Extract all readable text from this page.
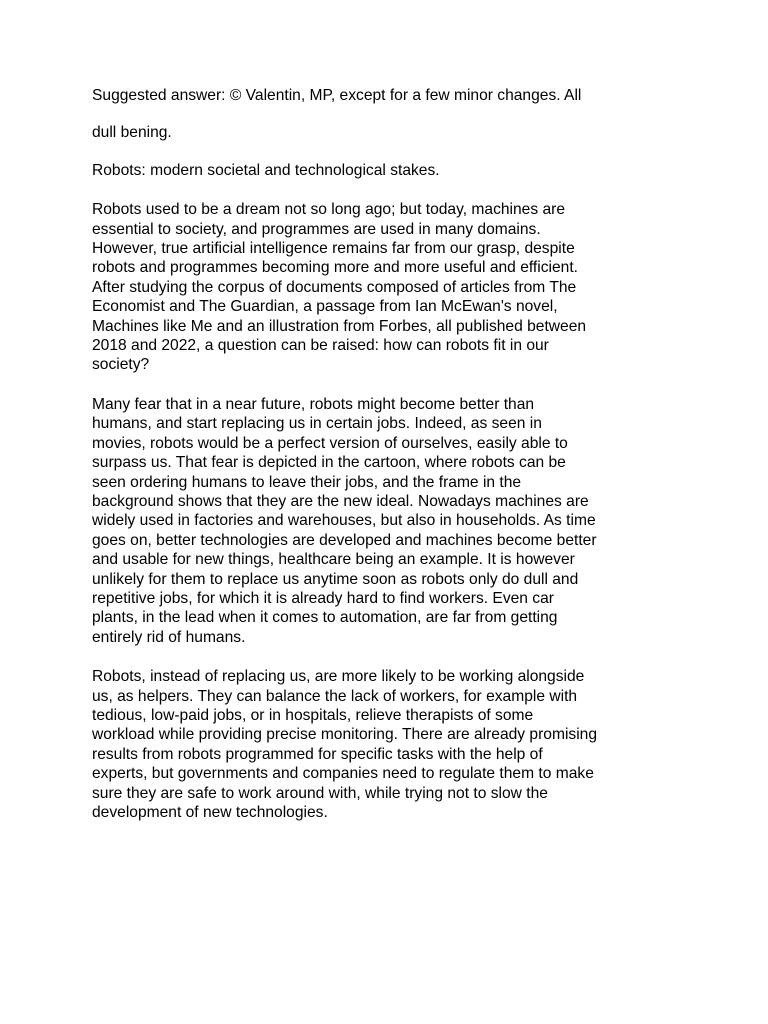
Suggested answer: © Valentin, MP, except for a few minor changes. All

dull bening.

Robots: modern societal and technological stakes.

Robots used to be a dream not so long ago; but today, machines are
essential to society, and programmes are used in many domains.
However, true artificial intelligence remains far from our grasp, despite
robots and programmes becoming more and more useful and efficient.
After studying the corpus of documents composed of articles from The
Economist and The Guardian, a passage from Ian McEwan's novel,
Machines like Me and an illustration from Forbes, all published between
2018 and 2022, a question can be raised: how can robots fit in our
society?

Many fear that in a near future, robots might become better than
humans, and start replacing us in certain jobs. Indeed, as seen in
movies, robots would be a perfect version of ourselves, easily able to
surpass us. That fear is depicted in the cartoon, where robots can be
seen ordering humans to leave their jobs, and the frame in the
background shows that they are the new ideal. Nowadays machines are
widely used in factories and warehouses, but also in households. As time
goes on, better technologies are developed and machines become better
and usable for new things, healthcare being an example. It is however
unlikely for them to replace us anytime soon as robots only do dull and
repetitive jobs, for which it is already hard to find workers. Even car
plants, in the lead when it comes to automation, are far from getting
entirely rid of humans.

Robots, instead of replacing us, are more likely to be working alongside
us, as helpers. They can balance the lack of workers, for example with
tedious, low-paid jobs, or in hospitals, relieve therapists of some
workload while providing precise monitoring. There are already promising
results from robots programmed for specific tasks with the help of
experts, but governments and companies need to regulate them to make
sure they are safe to work around with, while trying not to slow the
development of new technologies.
